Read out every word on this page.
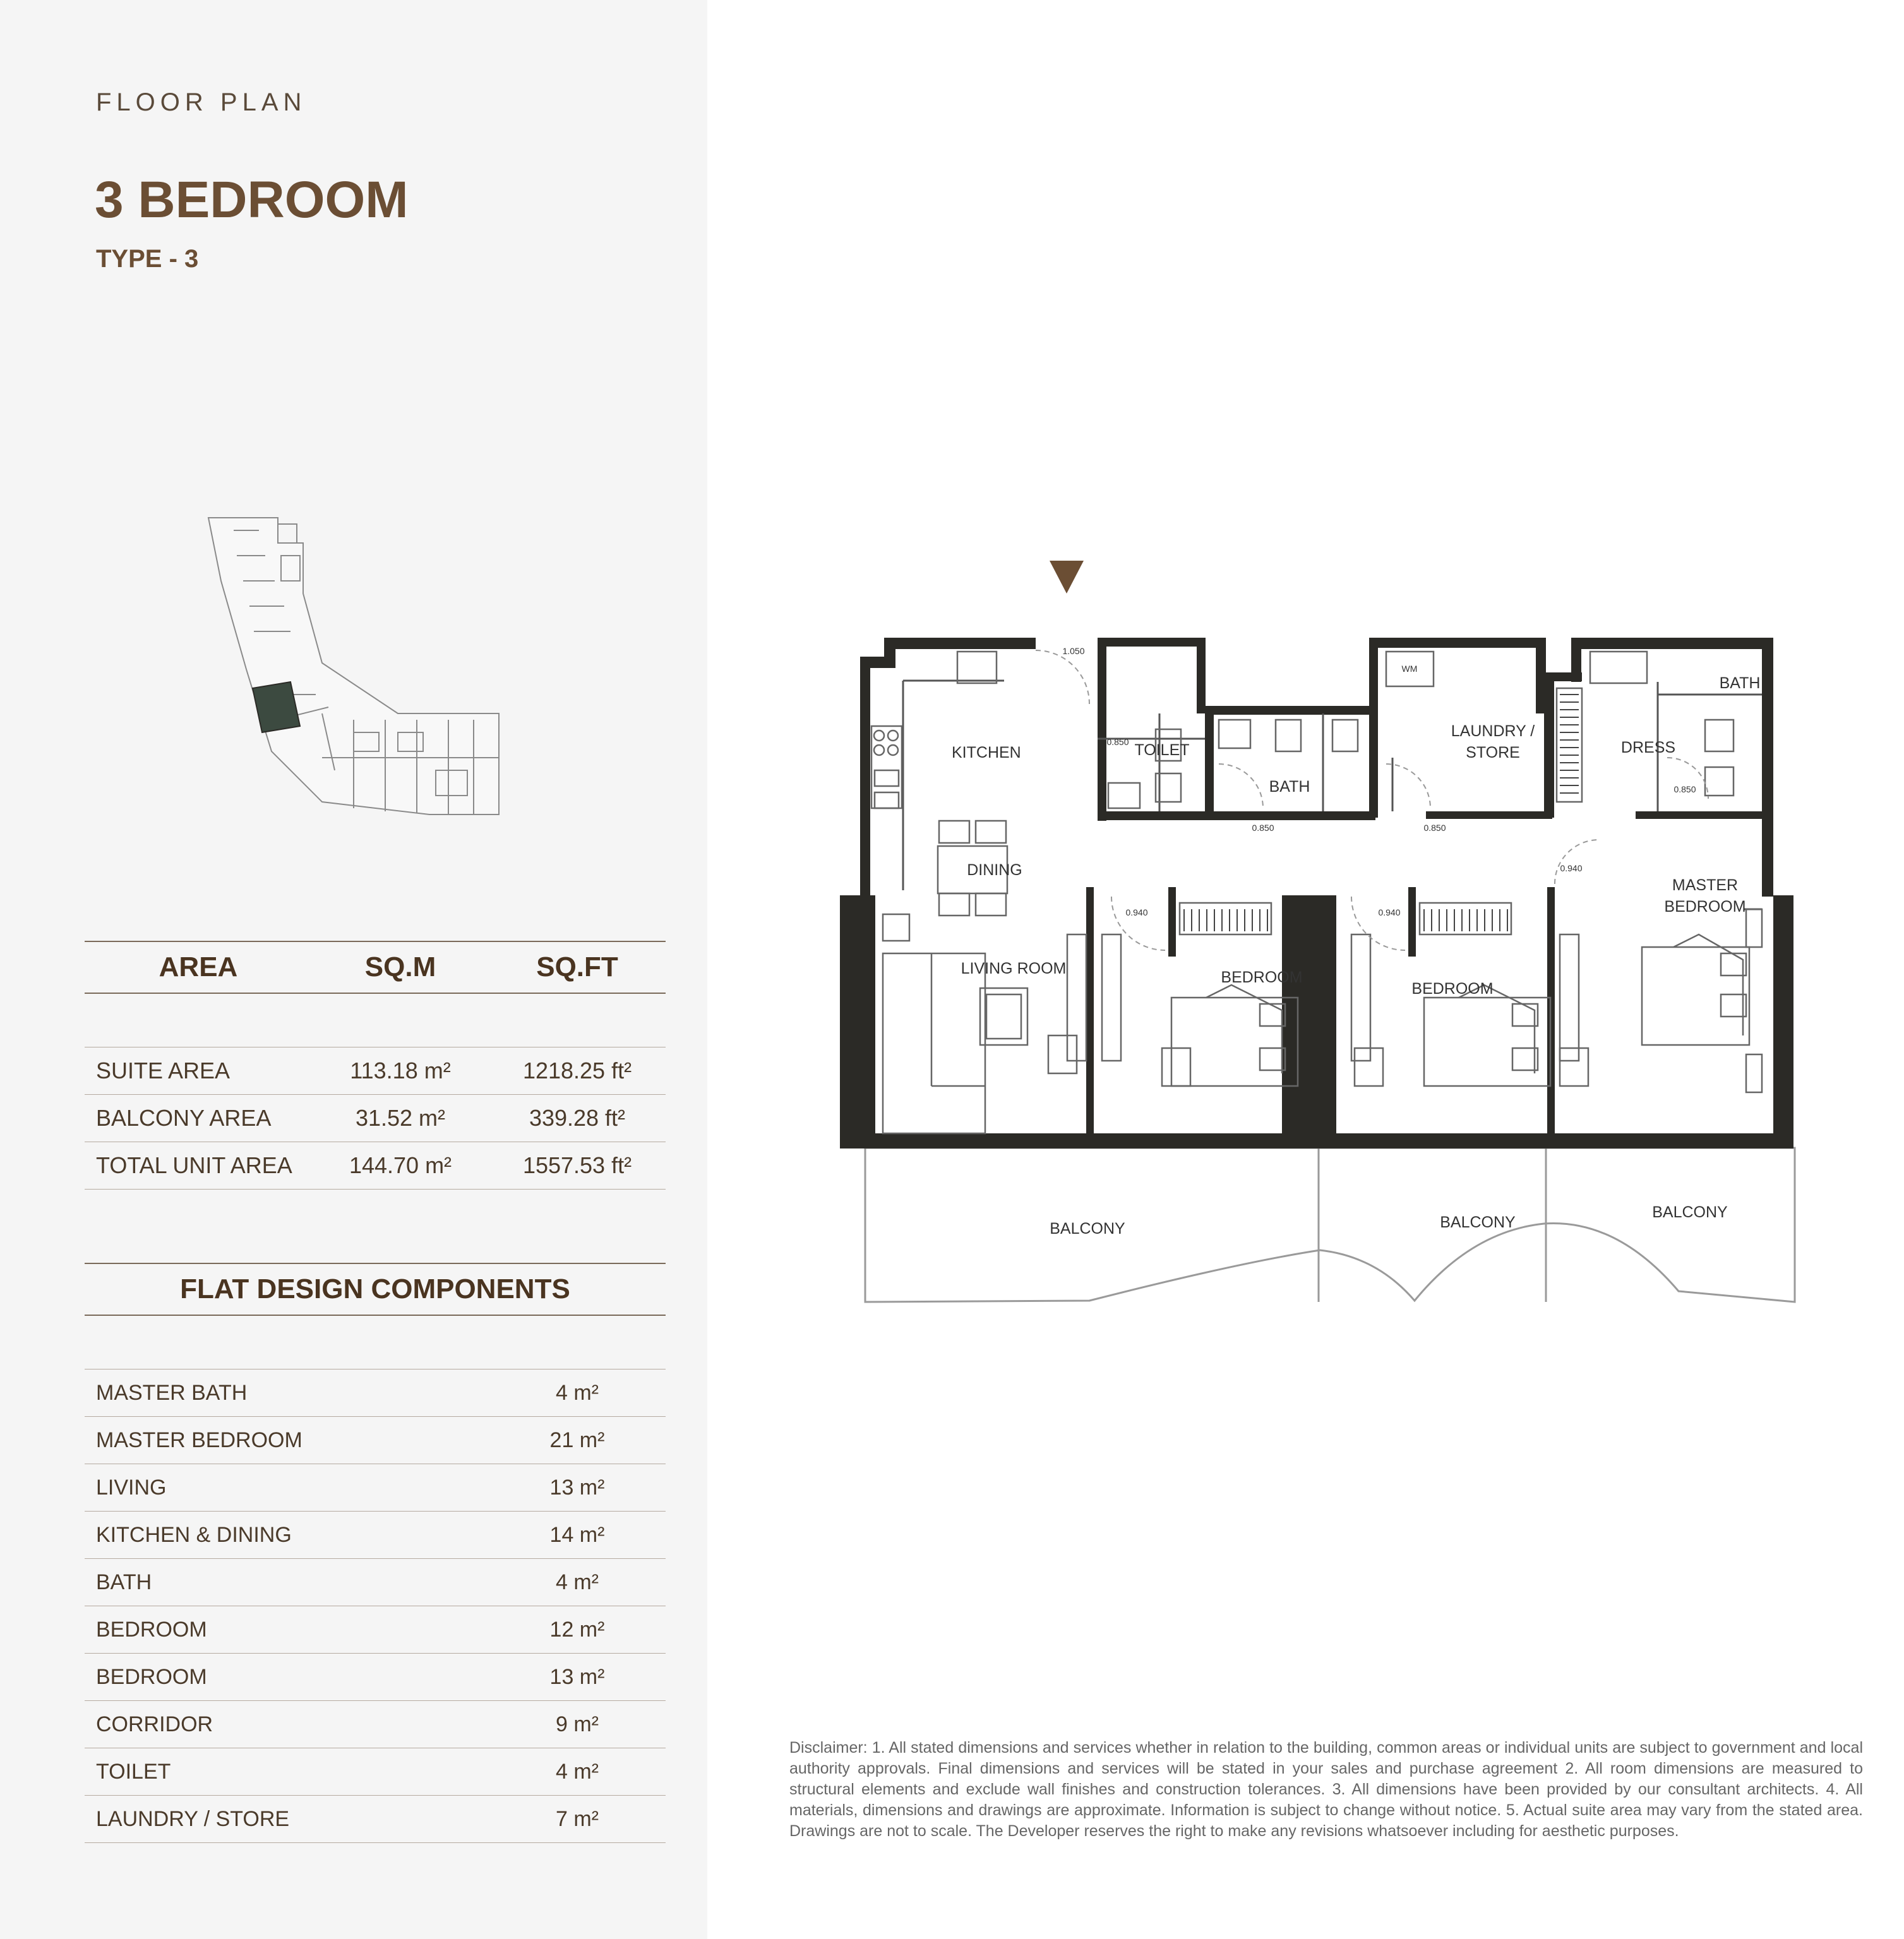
FLOOR PLAN
3 BEDROOM
TYPE - 3
AREA	SQ.M	SQ.FT
SUITE AREA	113.18 m²	1218.25 ft²
BALCONY AREA	31.52 m²	339.28 ft²
TOTAL UNIT AREA	144.70 m²	1557.53 ft²
FLAT DESIGN COMPONENTS
MASTER BATH	4 m²
MASTER BEDROOM	21 m²
LIVING	13 m²
KITCHEN & DINING	14 m²
BATH	4 m²
BEDROOM	12 m²
BEDROOM	13 m²
CORRIDOR	9 m²
TOILET	4 m²
LAUNDRY / STORE	7 m²
KITCHEN
DINING
LIVING ROOM
TOILET
BATH
LAUNDRY /
STORE	DRESS
BATH
MASTER
BEDROOM
BEDROOM
BEDROOM
BALCONY	BALCONY
BALCONY
WM
1.050
0.850
0.850	0.850
0.850
0.940	0.940
0.940
Disclaimer: 1. All stated dimensions and services whether in relation to the building, common areas or individual units are subject to government and local authority approvals. Final dimensions and services will be stated in your sales and purchase agreement 2. All room dimensions are measured to structural elements and exclude wall finishes and construction tolerances. 3. All dimensions have been provided by our consultant architects. 4. All materials, dimensions and drawings are approximate. Information is subject to change without notice. 5. Actual suite area may vary from the stated area. Drawings are not to scale. The Developer reserves the right to make any revisions whatsoever including for aesthetic purposes.
